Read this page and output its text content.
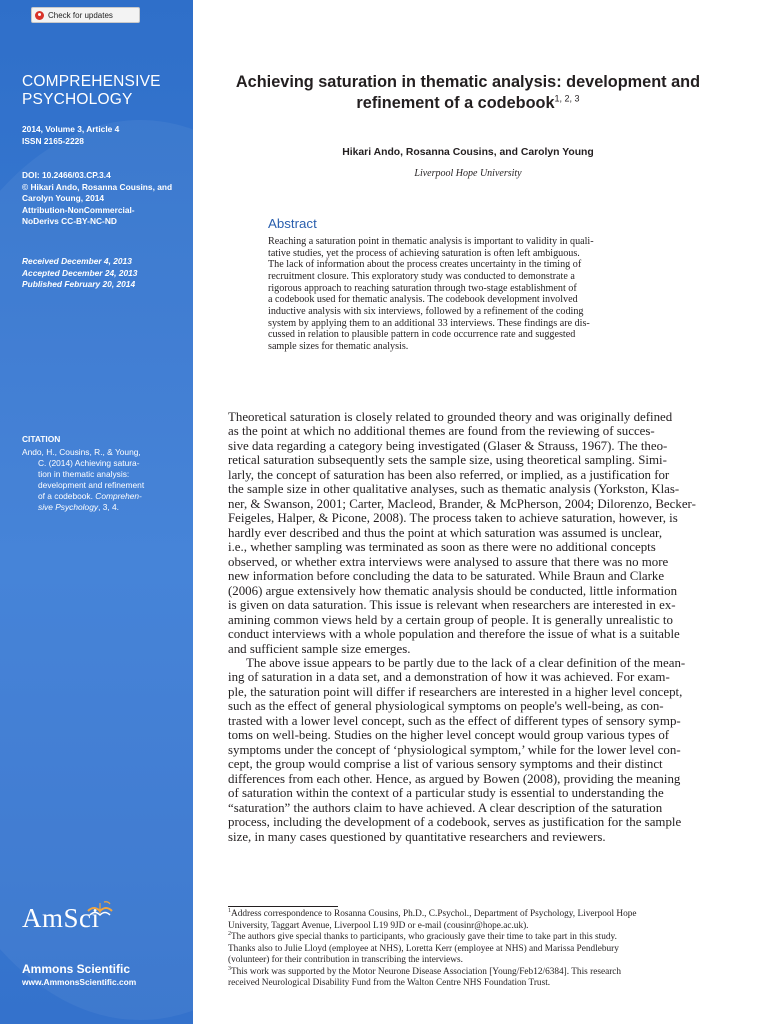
Check for updates
COMPREHENSIVE
PSYCHOLOGY
2014, Volume 3, Article 4
ISSN 2165-2228
DOI: 10.2466/03.CP.3.4
© Hikari Ando, Rosanna Cousins, and
Carolyn Young, 2014
Attribution-NonCommercial-
NoDerivs CC-BY-NC-ND
Received December 4, 2013
Accepted December 24, 2013
Published February 20, 2014
CITATION
Ando, H., Cousins, R., & Young,
C. (2014) Achieving satura-
tion in thematic analysis:
development and refinement
of a codebook. Comprehen-
sive Psychology, 3, 4.
AmSci
Ammons Scientific
www.AmmonsScientific.com
Achieving saturation in thematic analysis: development and
refinement of a codebook$^{1, 2, 3}$
Hikari Ando, Rosanna Cousins, and Carolyn Young
Liverpool Hope University
Abstract
Reaching a saturation point in thematic analysis is important to validity in quali-
tative studies, yet the process of achieving saturation is often left ambiguous.
The lack of information about the process creates uncertainty in the timing of
recruitment closure. This exploratory study was conducted to demonstrate a
rigorous approach to reaching saturation through two-stage establishment of
a codebook used for thematic analysis. The codebook development involved
inductive analysis with six interviews, followed by a refinement of the coding
system by applying them to an additional 33 interviews. These findings are dis-
cussed in relation to plausible pattern in code occurrence rate and suggested
sample sizes for thematic analysis.
Theoretical saturation is closely related to grounded theory and was originally defined
as the point at which no additional themes are found from the reviewing of succes-
sive data regarding a category being investigated (Glaser & Strauss, 1967). The theo-
retical saturation subsequently sets the sample size, using theoretical sampling. Simi-
larly, the concept of saturation has been also referred, or implied, as a justification for
the sample size in other qualitative analyses, such as thematic analysis (Yorkston, Klas-
ner, & Swanson, 2001; Carter, Macleod, Brander, & McPherson, 2004; Dilorenzo, Becker-
Feigeles, Halper, & Picone, 2008). The process taken to achieve saturation, however, is
hardly ever described and thus the point at which saturation was assumed is unclear,
i.e., whether sampling was terminated as soon as there were no additional concepts
observed, or whether extra interviews were analysed to assure that there was no more
new information before concluding the data to be saturated. While Braun and Clarke
(2006) argue extensively how thematic analysis should be conducted, little information
is given on data saturation. This issue is relevant when researchers are interested in ex-
amining common views held by a certain group of people. It is generally unrealistic to
conduct interviews with a whole population and therefore the issue of what is a suitable
and sufficient sample size emerges.
The above issue appears to be partly due to the lack of a clear definition of the mean-
ing of saturation in a data set, and a demonstration of how it was achieved. For exam-
ple, the saturation point will differ if researchers are interested in a higher level concept,
such as the effect of general physiological symptoms on people's well-being, as con-
trasted with a lower level concept, such as the effect of different types of sensory symp-
toms on well-being. Studies on the higher level concept would group various types of
symptoms under the concept of ‘physiological symptom,’ while for the lower level con-
cept, the group would comprise a list of various sensory symptoms and their distinct
differences from each other. Hence, as argued by Bowen (2008), providing the meaning
of saturation within the context of a particular study is essential to understanding the
“saturation” the authors claim to have achieved. A clear description of the saturation
process, including the development of a codebook, serves as justification for the sample
size, in many cases questioned by quantitative researchers and reviewers.
$^1$Address correspondence to Rosanna Cousins, Ph.D., C.Psychol., Department of Psychology, Liverpool Hope
University, Taggart Avenue, Liverpool L19 9JD or e-mail (cousinr@hope.ac.uk).
$^2$The authors give special thanks to participants, who graciously gave their time to take part in this study.
Thanks also to Julie Lloyd (employee at NHS), Loretta Kerr (employee at NHS) and Marissa Pendlebury
(volunteer) for their contribution in transcribing the interviews.
$^3$This work was supported by the Motor Neurone Disease Association [Young/Feb12/6384]. This research
received Neurological Disability Fund from the Walton Centre NHS Foundation Trust.
